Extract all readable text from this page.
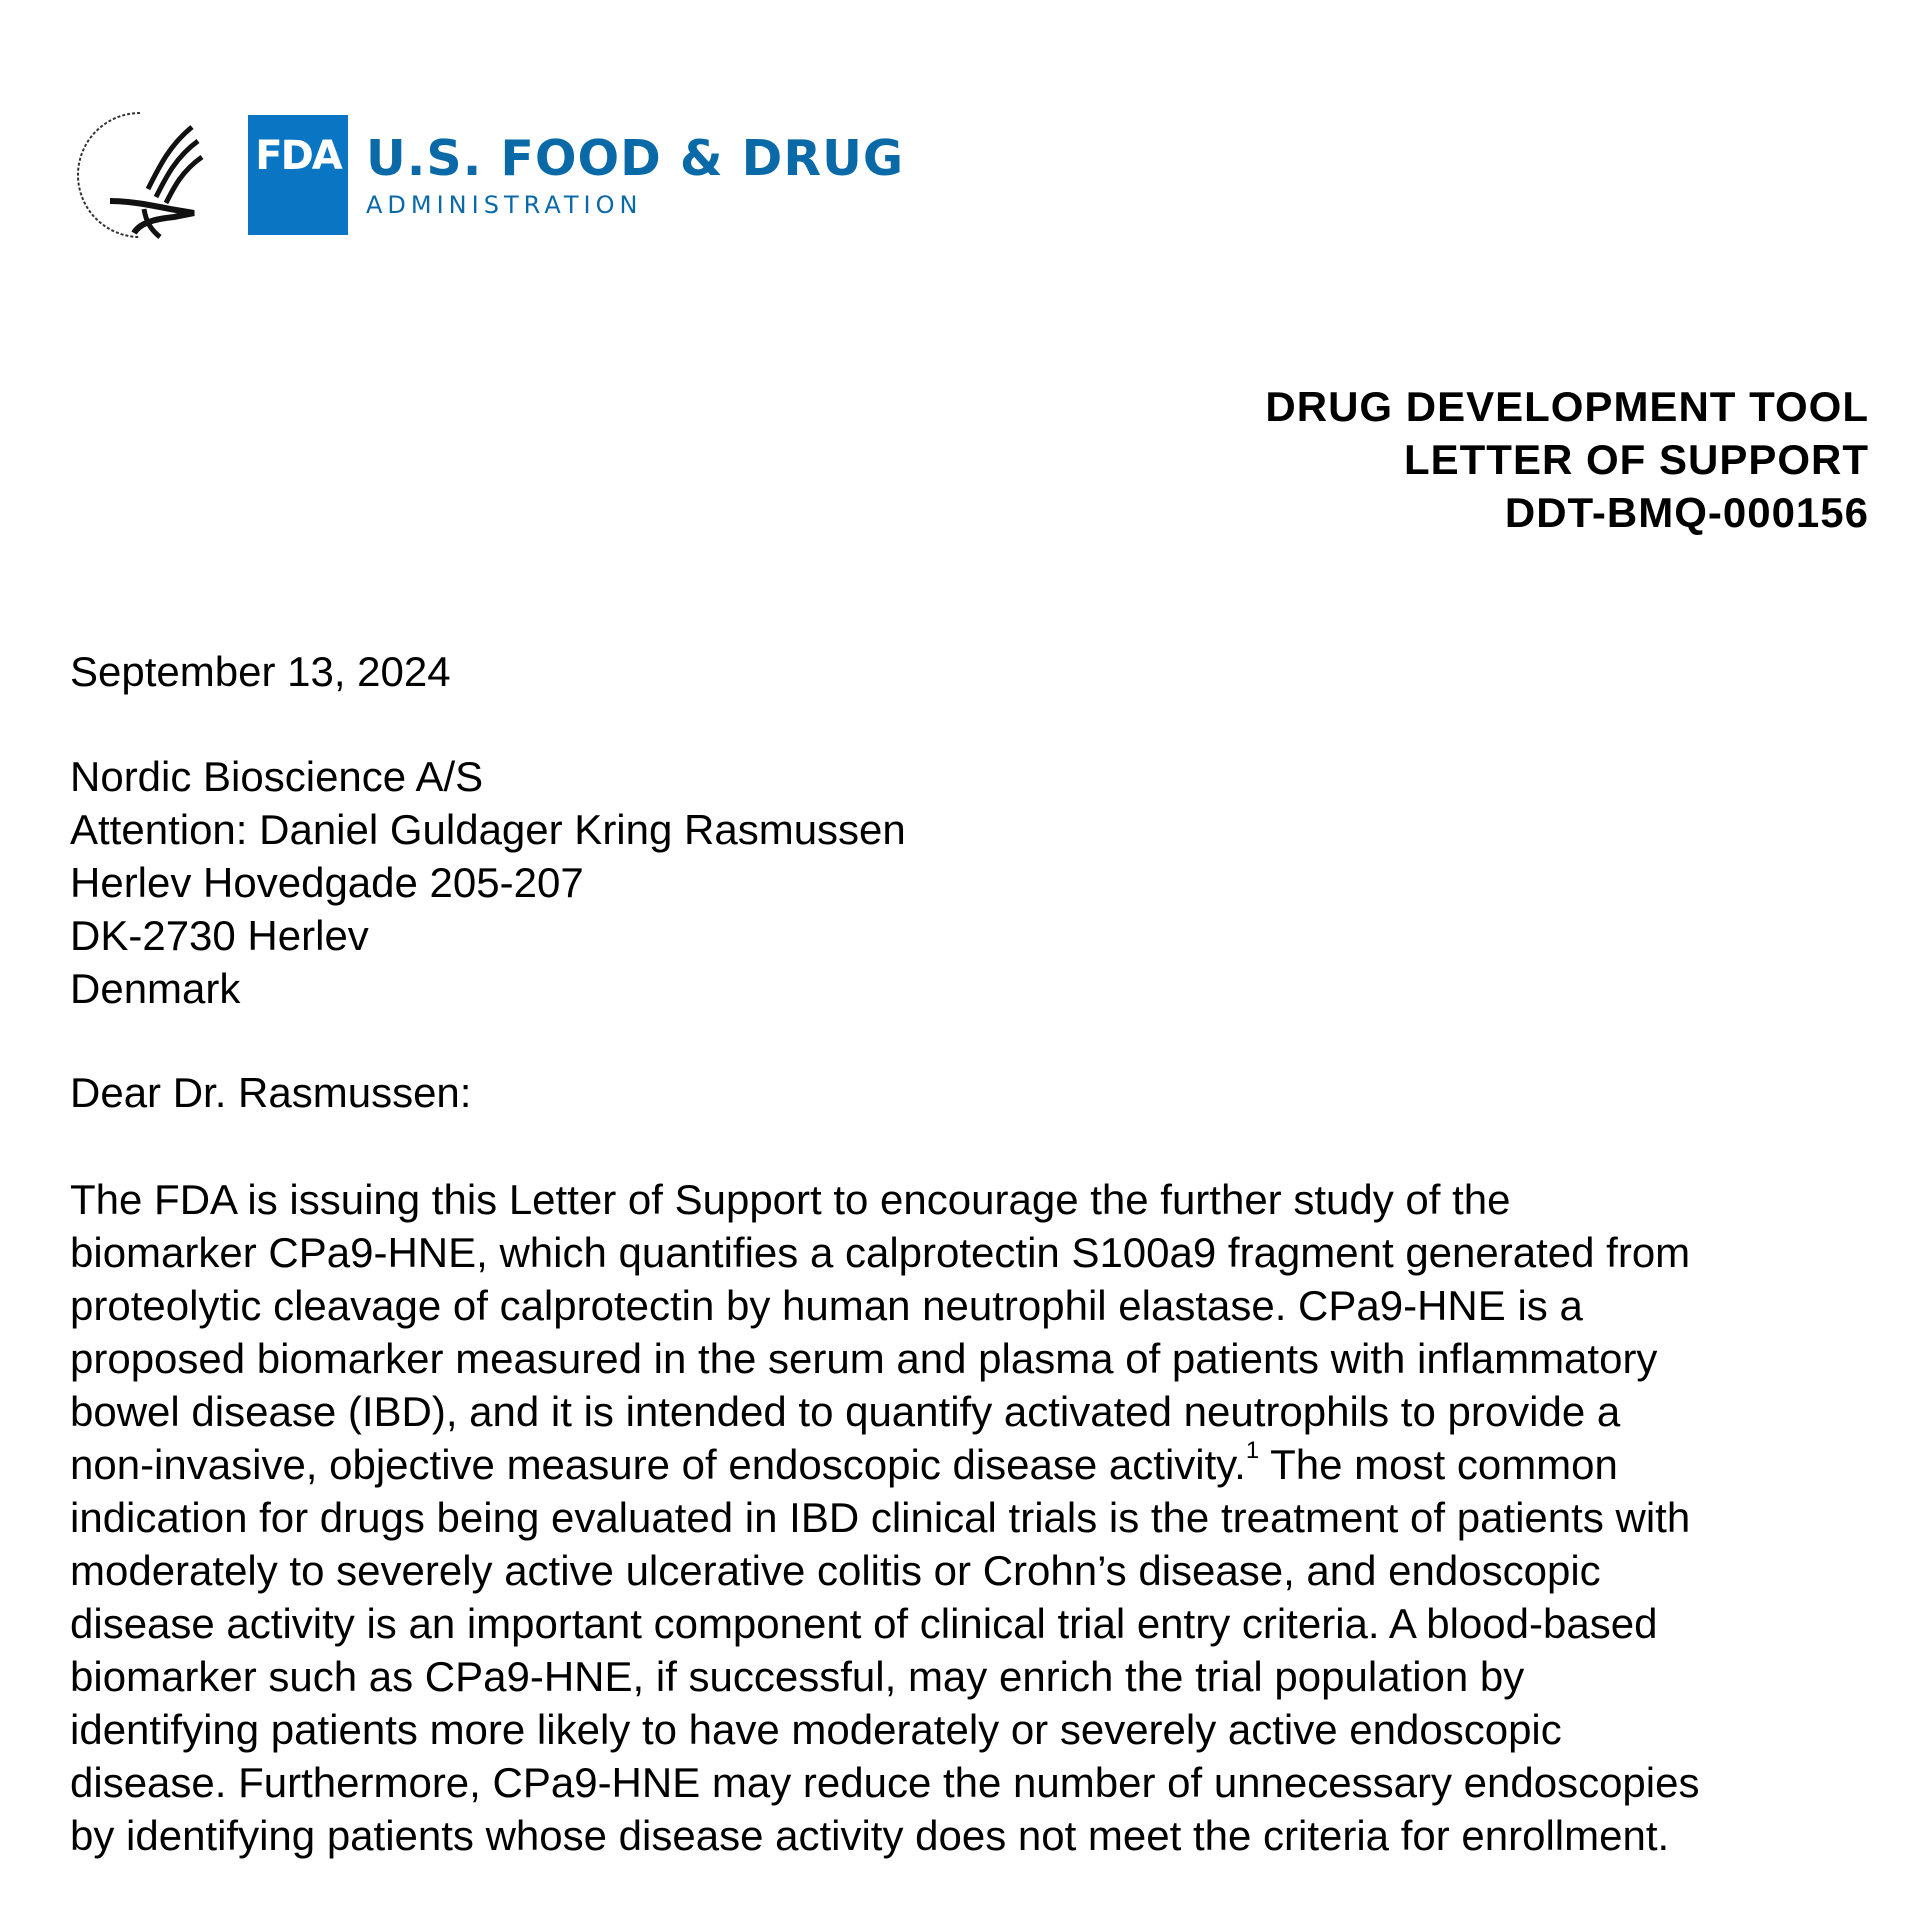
FDA U.S. FOOD & DRUG
ADMINISTRATION
DRUG DEVELOPMENT TOOL
LETTER OF SUPPORT
DDT-BMQ-000156
September 13, 2024
Nordic Bioscience A/S
Attention: Daniel Guldager Kring Rasmussen
Herlev Hovedgade 205-207
DK-2730 Herlev
Denmark
Dear Dr. Rasmussen:
The FDA is issuing this Letter of Support to encourage the further study of the
biomarker CPa9-HNE, which quantifies a calprotectin S100a9 fragment generated from
proteolytic cleavage of calprotectin by human neutrophil elastase. CPa9-HNE is a
proposed biomarker measured in the serum and plasma of patients with inflammatory
bowel disease (IBD), and it is intended to quantify activated neutrophils to provide a
non-invasive, objective measure of endoscopic disease activity.$^1$ The most common
indication for drugs being evaluated in IBD clinical trials is the treatment of patients with
moderately to severely active ulcerative colitis or Crohn’s disease, and endoscopic
disease activity is an important component of clinical trial entry criteria. A blood-based
biomarker such as CPa9-HNE, if successful, may enrich the trial population by
identifying patients more likely to have moderately or severely active endoscopic
disease. Furthermore, CPa9-HNE may reduce the number of unnecessary endoscopies
by identifying patients whose disease activity does not meet the criteria for enrollment.
